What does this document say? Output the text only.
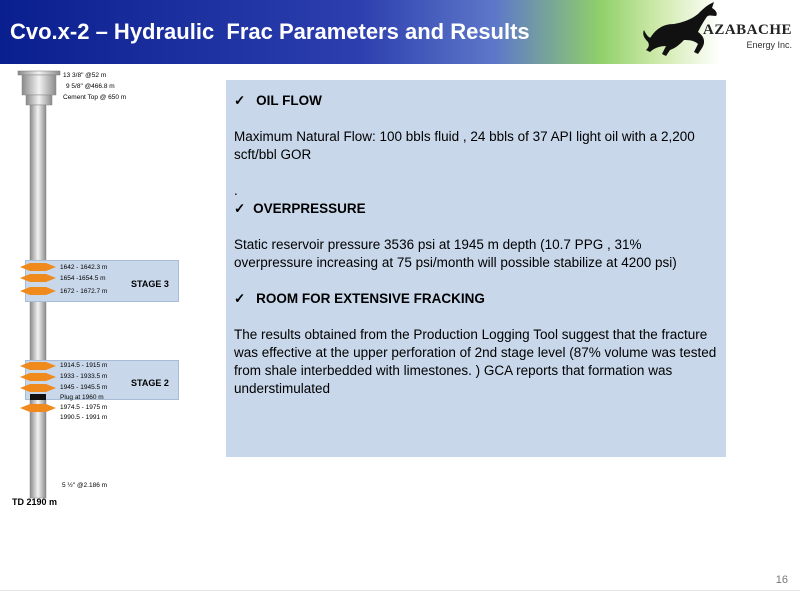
Cvo.x-2 – Hydraulic  Frac Parameters and Results	AZABACHE
Energy Inc.
13 3/8" @52 m
9 5/8" @466.8 m
Cement Top @ 650 m
1642 - 1642.3 m
1654 -1654.5 m
1672 - 1672.7 m
STAGE 3
1914.5 - 1915 m
1933 - 1933.5 m
1945 - 1945.5 m	STAGE 2
Plug at 1960 m
1974.5 - 1975 m
1990.5 - 1991 m
5 ½" @2.186 m
TD 2190 m

✓ OIL FLOW

Maximum Natural Flow: 100 bbls fluid , 24 bbls of 37 API light oil with a 2,200 scft/bbl GOR

.

✓ OVERPRESSURE

Static reservoir pressure 3536 psi at 1945 m depth (10.7 PPG , 31% overpressure increasing at 75 psi/month will possible stabilize at 4200 psi)

✓ ROOM FOR EXTENSIVE FRACKING

The results obtained from the Production Logging Tool suggest that the fracture was effective at the upper perforation of 2nd stage level (87% volume was tested from shale interbedded with limestones. ) GCA reports that formation was understimulated

16
